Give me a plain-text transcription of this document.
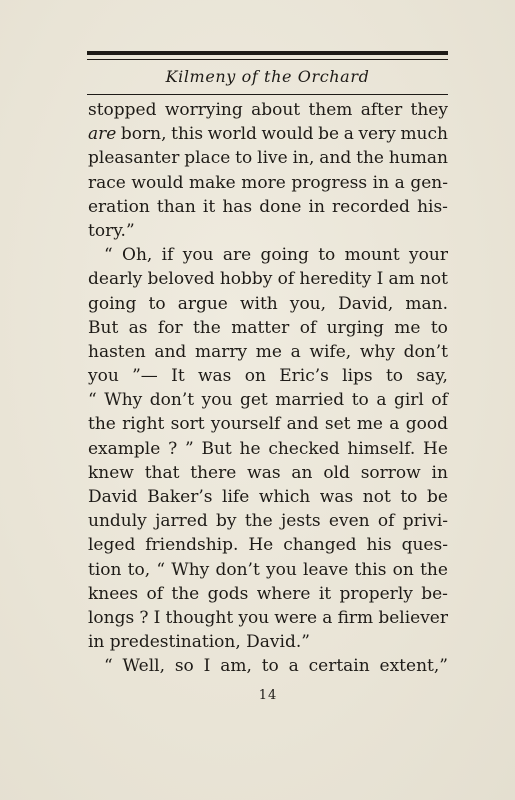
Kilmeny of the Orchard
stopped worrying about them after they
are born, this world would be a very much
pleasanter place to live in, and the human
race would make more progress in a gen-
eration than it has done in recorded his-
tory.”
“ Oh, if you are going to mount your
dearly beloved hobby of heredity I am not
going to argue with you, David, man.
But as for the matter of urging me to
hasten and marry me a wife, why don’t
you ”— It was on Eric’s lips to say,
“ Why don’t you get married to a girl of
the right sort yourself and set me a good
example ? ” But he checked himself. He
knew that there was an old sorrow in
David Baker’s life which was not to be
unduly jarred by the jests even of privi-
leged friendship. He changed his ques-
tion to, “ Why don’t you leave this on the
knees of the gods where it properly be-
longs ? I thought you were a firm believer
in predestination, David.”
“ Well, so I am, to a certain extent,”
14
